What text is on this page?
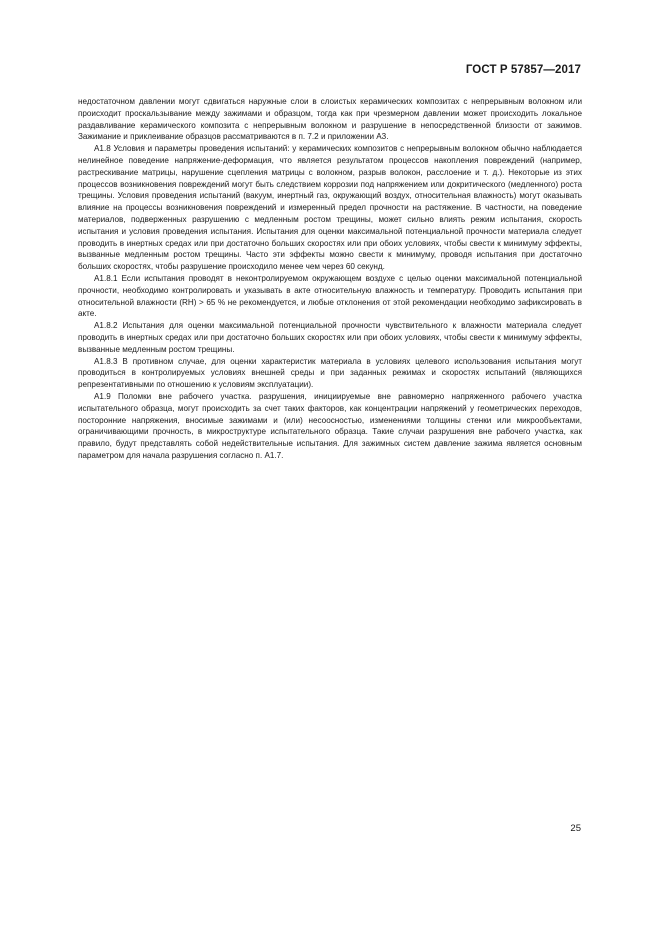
ГОСТ Р 57857—2017

недостаточном давлении могут сдвигаться наружные слои в слоистых керамических композитах с непрерывным волокном или происходит проскальзывание между зажимами и образцом, тогда как при чрезмерном давлении может происходить локальное раздавливание керамического композита с непрерывным волокном и разрушение в непосредственной близости от зажимов. Зажимание и приклеивание образцов рассматриваются в п. 7.2 и приложении А3.

А1.8 Условия и параметры проведения испытаний: у керамических композитов с непрерывным волокном обычно наблюдается нелинейное поведение напряжение-деформация, что является результатом процессов накопления повреждений (например, растрескивание матрицы, нарушение сцепления матрицы с волокном, разрыв волокон, расслоение и т. д.). Некоторые из этих процессов возникновения повреждений могут быть следствием коррозии под напряжением или докритического (медленного) роста трещины. Условия проведения испытаний (вакуум, инертный газ, окружающий воздух, относительная влажность) могут оказывать влияние на процессы возникновения повреждений и измеренный предел прочности на растяжение. В частности, на поведение материалов, подверженных разрушению с медленным ростом трещины, может сильно влиять режим испытания, скорость испытания и условия проведения испытания. Испытания для оценки максимальной потенциальной прочности материала следует проводить в инертных средах или при достаточно больших скоростях или при обоих условиях, чтобы свести к минимуму эффекты, вызванные медленным ростом трещины. Часто эти эффекты можно свести к минимуму, проводя испытания при достаточно больших скоростях, чтобы разрушение происходило менее чем через 60 секунд.

А1.8.1 Если испытания проводят в неконтролируемом окружающем воздухе с целью оценки максимальной потенциальной прочности, необходимо контролировать и указывать в акте относительную влажность и температуру. Проводить испытания при относительной влажности (RH) > 65 % не рекомендуется, и любые отклонения от этой рекомендации необходимо зафиксировать в акте.

А1.8.2 Испытания для оценки максимальной потенциальной прочности чувствительного к влажности материала следует проводить в инертных средах или при достаточно больших скоростях или при обоих условиях, чтобы свести к минимуму эффекты, вызванные медленным ростом трещины.

А1.8.3 В противном случае, для оценки характеристик материала в условиях целевого использования испытания могут проводиться в контролируемых условиях внешней среды и при заданных режимах и скоростях испытаний (являющихся репрезентативными по отношению к условиям эксплуатации).

А1.9 Поломки вне рабочего участка. разрушения, инициируемые вне равномерно напряженного рабочего участка испытательного образца, могут происходить за счет таких факторов, как концентрации напряжений у геометрических переходов, посторонние напряжения, вносимые зажимами и (или) несоосностью, изменениями толщины стенки или микрообъектами, ограничивающими прочность, в микроструктуре испытательного образца. Такие случаи разрушения вне рабочего участка, как правило, будут представлять собой недействительные испытания. Для зажимных систем давление зажима является основным параметром для начала разрушения согласно п. А1.7.

25
